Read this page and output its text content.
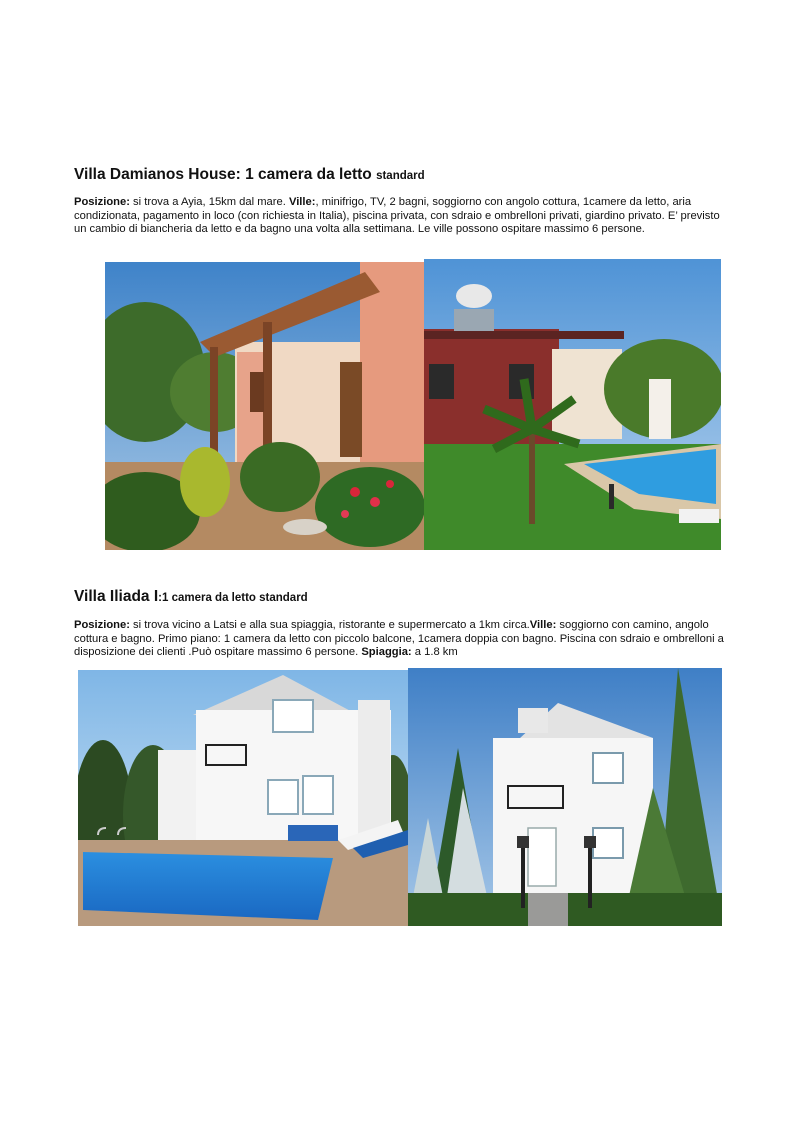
Villa Damianos House: 1 camera da letto standard
Posizione: si trova a Ayia, 15km dal mare. Ville:, minifrigo, TV, 2 bagni, soggiorno con angolo cottura, 1camere da letto, aria condizionata, pagamento in loco (con richiesta in Italia), piscina privata, con sdraio e ombrelloni privati, giardino privato. E’ previsto un cambio di biancheria da letto e da bagno una volta alla settimana. Le ville possono ospitare massimo 6 persone.
Villa Iliada I:1 camera da letto standard
Posizione: si trova vicino a Latsi e alla sua spiaggia, ristorante e supermercato a 1km circa.Ville: soggiorno con camino, angolo cottura e bagno. Primo piano: 1 camera da letto con piccolo balcone, 1camera doppia con bagno. Piscina con sdraio e ombrelloni a disposizione dei clienti .Può ospitare massimo 6 persone. Spiaggia: a 1.8 km
